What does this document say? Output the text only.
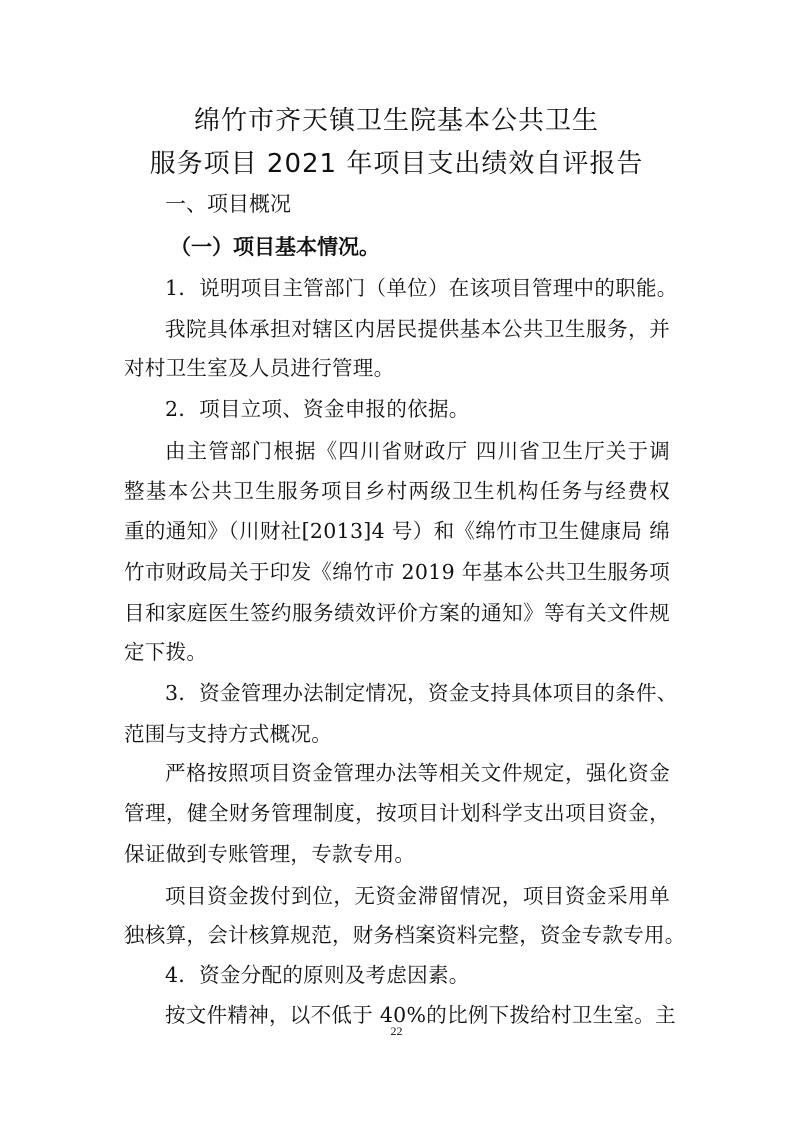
绵竹市齐天镇卫生院基本公共卫生
服务项目 2021 年项目支出绩效自评报告
一、项目概况
（一）项目基本情况。
1．说明项目主管部门（单位）在该项目管理中的职能。
我院具体承担对辖区内居民提供基本公共卫生服务，并
对村卫生室及人员进行管理。
2．项目立项、资金申报的依据。
由主管部门根据《四川省财政厅 四川省卫生厅关于调
整基本公共卫生服务项目乡村两级卫生机构任务与经费权
重的通知》（川财社[2013]4 号）和《绵竹市卫生健康局 绵
竹市财政局关于印发《绵竹市 2019 年基本公共卫生服务项
目和家庭医生签约服务绩效评价方案的通知》等有关文件规
定下拨。
3．资金管理办法制定情况，资金支持具体项目的条件、
范围与支持方式概况。
严格按照项目资金管理办法等相关文件规定，强化资金
管理，健全财务管理制度，按项目计划科学支出项目资金，
保证做到专账管理，专款专用。
项目资金拨付到位，无资金滞留情况，项目资金采用单
独核算，会计核算规范，财务档案资料完整，资金专款专用。
4．资金分配的原则及考虑因素。
按文件精神，以不低于 40%的比例下拨给村卫生室。主
22
